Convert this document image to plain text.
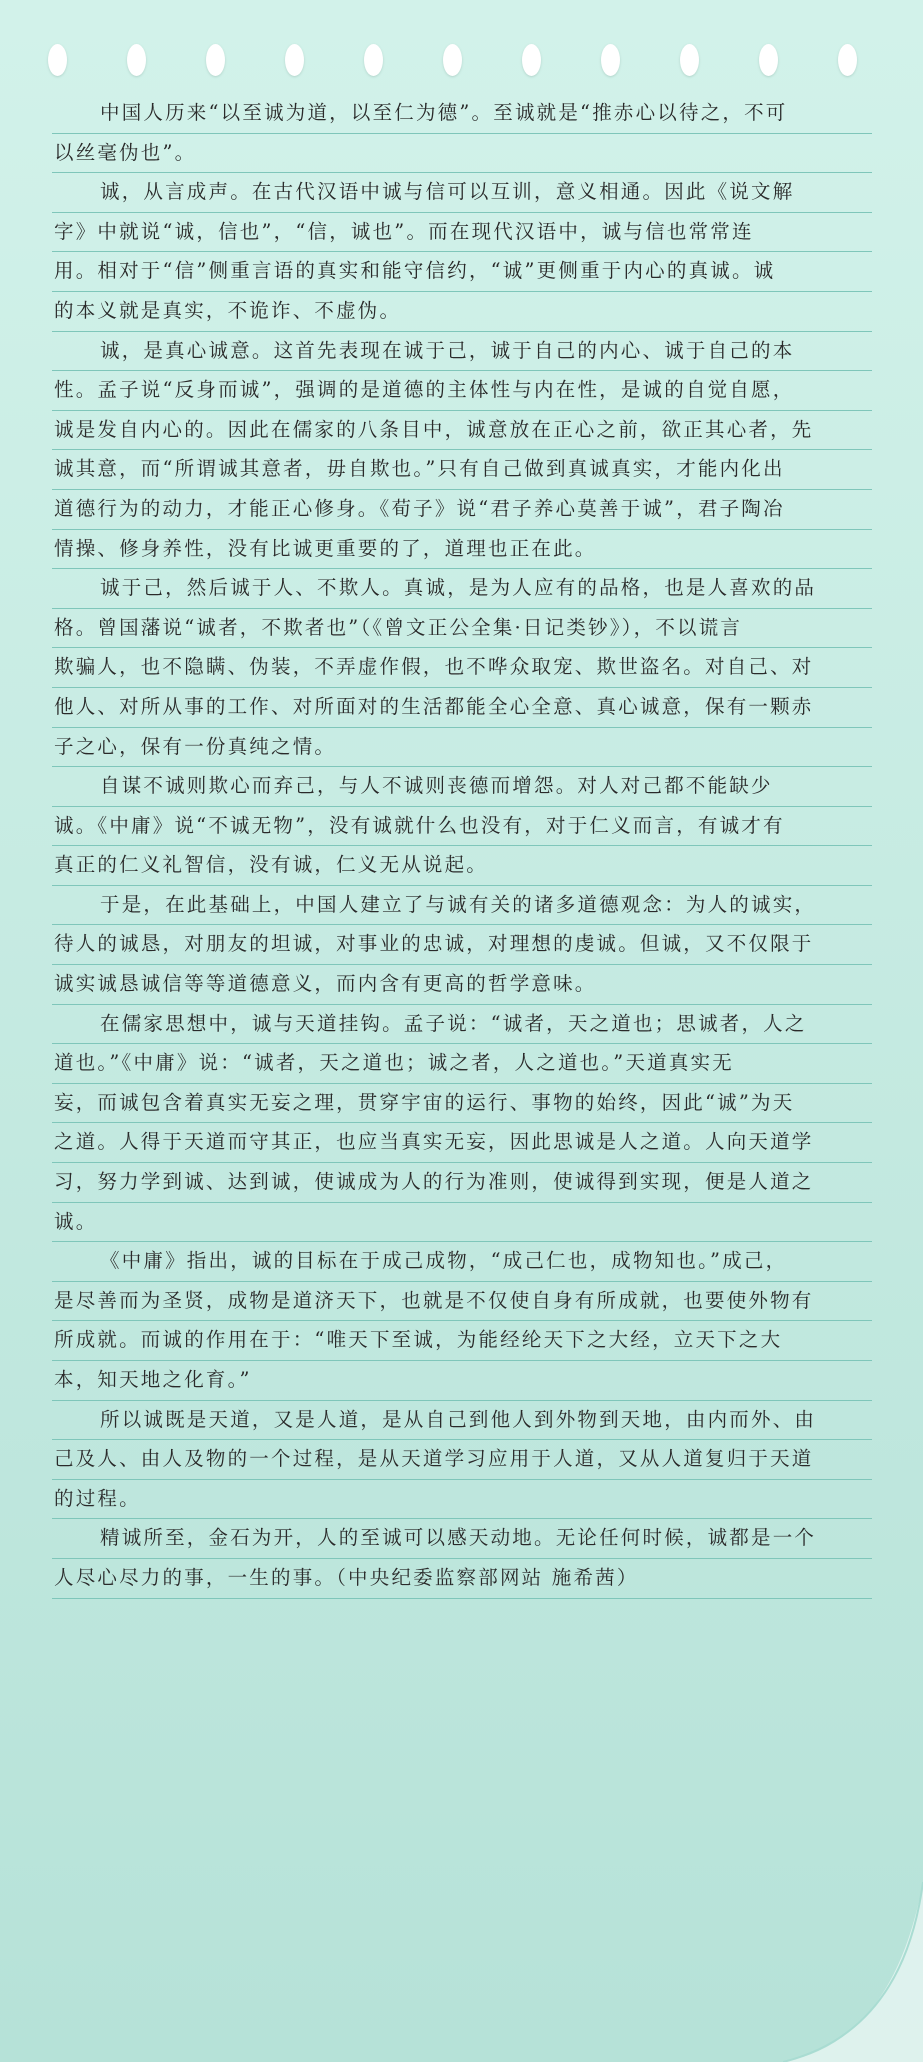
中国人历来“以至诚为道，以至仁为德”。至诚就是“推赤心以待之，不可
以丝毫伪也”。
诚，从言成声。在古代汉语中诚与信可以互训，意义相通。因此《说文解
字》中就说“诚，信也”，“信，诚也”。而在现代汉语中，诚与信也常常连
用。相对于“信”侧重言语的真实和能守信约，“诚”更侧重于内心的真诚。诚
的本义就是真实，不诡诈、不虚伪。
诚，是真心诚意。这首先表现在诚于己，诚于自己的内心、诚于自己的本
性。孟子说“反身而诚”，强调的是道德的主体性与内在性，是诚的自觉自愿，
诚是发自内心的。因此在儒家的八条目中，诚意放在正心之前，欲正其心者，先
诚其意，而“所谓诚其意者，毋自欺也。”只有自己做到真诚真实，才能内化出
道德行为的动力，才能正心修身。《荀子》说“君子养心莫善于诚”，君子陶冶
情操、修身养性，没有比诚更重要的了，道理也正在此。
诚于己，然后诚于人、不欺人。真诚，是为人应有的品格，也是人喜欢的品
格。曾国藩说“诚者，不欺者也”（《曾文正公全集·日记类钞》），不以谎言
欺骗人，也不隐瞒、伪装，不弄虚作假，也不哗众取宠、欺世盗名。对自己、对
他人、对所从事的工作、对所面对的生活都能全心全意、真心诚意，保有一颗赤
子之心，保有一份真纯之情。
自谋不诚则欺心而弃己，与人不诚则丧德而增怨。对人对己都不能缺少
诚。《中庸》说“不诚无物”，没有诚就什么也没有，对于仁义而言，有诚才有
真正的仁义礼智信，没有诚，仁义无从说起。
于是，在此基础上，中国人建立了与诚有关的诸多道德观念：为人的诚实，
待人的诚恳，对朋友的坦诚，对事业的忠诚，对理想的虔诚。但诚，又不仅限于
诚实诚恳诚信等等道德意义，而内含有更高的哲学意味。
在儒家思想中，诚与天道挂钩。孟子说：“诚者，天之道也；思诚者，人之
道也。”《中庸》说：“诚者，天之道也；诚之者，人之道也。”天道真实无
妄，而诚包含着真实无妄之理，贯穿宇宙的运行、事物的始终，因此“诚”为天
之道。人得于天道而守其正，也应当真实无妄，因此思诚是人之道。人向天道学
习，努力学到诚、达到诚，使诚成为人的行为准则，使诚得到实现，便是人道之
诚。
《中庸》指出，诚的目标在于成己成物，“成己仁也，成物知也。”成己，
是尽善而为圣贤，成物是道济天下，也就是不仅使自身有所成就，也要使外物有
所成就。而诚的作用在于：“唯天下至诚，为能经纶天下之大经，立天下之大
本，知天地之化育。”
所以诚既是天道，又是人道，是从自己到他人到外物到天地，由内而外、由
己及人、由人及物的一个过程，是从天道学习应用于人道，又从人道复归于天道
的过程。
精诚所至，金石为开，人的至诚可以感天动地。无论任何时候，诚都是一个
人尽心尽力的事，一生的事。（中央纪委监察部网站 施希茜）
